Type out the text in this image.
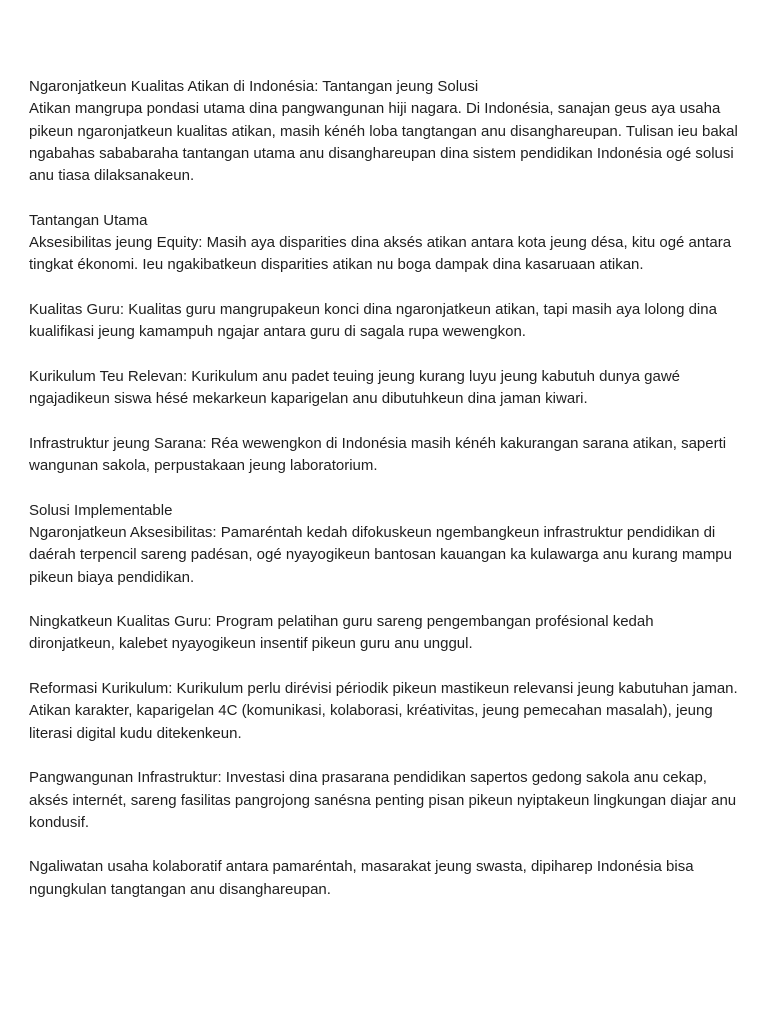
Ngaronjatkeun Kualitas Atikan di Indonésia: Tantangan jeung Solusi

Atikan mangrupa pondasi utama dina pangwangunan hiji nagara. Di Indonésia, sanajan geus aya usaha pikeun ngaronjatkeun kualitas atikan, masih kénéh loba tangtangan anu disanghareupan. Tulisan ieu bakal ngabahas sababaraha tantangan utama anu disanghareupan dina sistem pendidikan Indonésia ogé solusi anu tiasa dilaksanakeun.

Tantangan Utama

Aksesibilitas jeung Equity: Masih aya disparities dina aksés atikan antara kota jeung désa, kitu ogé antara tingkat ékonomi. Ieu ngakibatkeun disparities atikan nu boga dampak dina kasaruaan atikan.

Kualitas Guru: Kualitas guru mangrupakeun konci dina ngaronjatkeun atikan, tapi masih aya lolong dina kualifikasi jeung kamampuh ngajar antara guru di sagala rupa wewengkon.

Kurikulum Teu Relevan: Kurikulum anu padet teuing jeung kurang luyu jeung kabutuh dunya gawé ngajadikeun siswa hésé mekarkeun kaparigelan anu dibutuhkeun dina jaman kiwari.

Infrastruktur jeung Sarana: Réa wewengkon di Indonésia masih kénéh kakurangan sarana atikan, saperti wangunan sakola, perpustakaan jeung laboratorium.

Solusi Implementable

Ngaronjatkeun Aksesibilitas: Pamaréntah kedah difokuskeun ngembangkeun infrastruktur pendidikan di daérah terpencil sareng padésan, ogé nyayogikeun bantosan kauangan ka kulawarga anu kurang mampu pikeun biaya pendidikan.

Ningkatkeun Kualitas Guru: Program pelatihan guru sareng pengembangan profésional kedah dironjatkeun, kalebet nyayogikeun insentif pikeun guru anu unggul.

Reformasi Kurikulum: Kurikulum perlu dirévisi périodik pikeun mastikeun relevansi jeung kabutuhan jaman. Atikan karakter, kaparigelan 4C (komunikasi, kolaborasi, kréativitas, jeung pemecahan masalah), jeung literasi digital kudu ditekenkeun.

Pangwangunan Infrastruktur: Investasi dina prasarana pendidikan sapertos gedong sakola anu cekap, aksés internét, sareng fasilitas pangrojong sanésna penting pisan pikeun nyiptakeun lingkungan diajar anu kondusif.

Ngaliwatan usaha kolaboratif antara pamaréntah, masarakat jeung swasta, dipiharep Indonésia bisa ngungkulan tangtangan anu disanghareupan.
